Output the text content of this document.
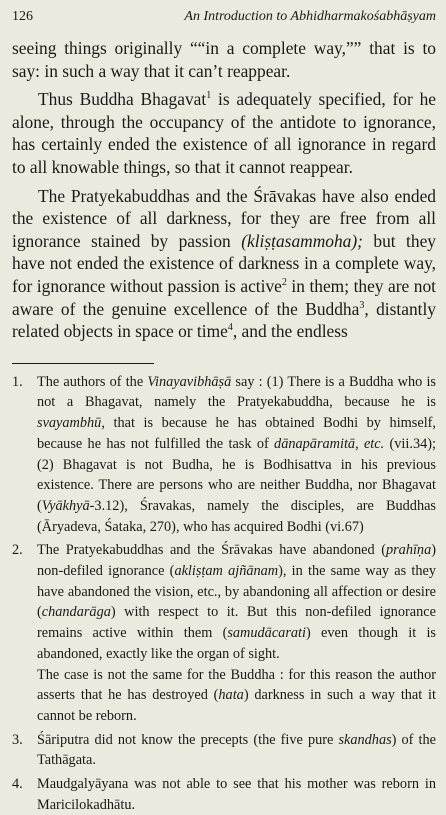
126	An Introduction to Abhidharmakośabhāṣyam

seeing things originally ““in a complete way,”” that is to say: in such a way that it can’t reappear.

Thus Buddha Bhagavat$^1$ is adequately specified, for he alone, through the occupancy of the antidote to ignorance, has certainly ended the existence of all ignorance in regard to all knowable things, so that it cannot reappear.

The Pratyekabuddhas and the Śrāvakas have also ended the existence of all darkness, for they are free from all ignorance stained by passion (kliṣṭasammoha); but they have not ended the existence of darkness in a complete way, for ignorance without passion is active$^2$ in them; they are not aware of the genuine excellence of the Buddha$^3$, distantly related objects in space or time$^4$, and the endless

1. The authors of the Vinayavibhāṣā say : (1) There is a Buddha who is not a Bhagavat, namely the Pratyekabuddha, because he is svayambhū, that is because he has obtained Bodhi by himself, because he has not fulfilled the task of dānapāramitā, etc. (vii.34); (2) Bhagavat is not Budha, he is Bodhisattva in his previous existence. There are persons who are neither Buddha, nor Bhagavat (Vyākhyā-3.12), Śravakas, namely the disciples, are Buddhas (Āryadeva, Śataka, 270), who has acquired Bodhi (vi.67)

2. The Pratyekabuddhas and the Śrāvakas have abandoned (prahīṇa) non-defiled ignorance (akliṣṭam ajñānam), in the same way as they have abandoned the vision, etc., by abandoning all affection or desire (chandarāga) with respect to it. But this non-defiled ignorance remains active within them (samudācarati) even though it is abandoned, exactly like the organ of sight.

The case is not the same for the Buddha : for this reason the author asserts that he has destroyed (hata) darkness in such a way that it cannot be reborn.

3. Śāriputra did not know the precepts (the five pure skandhas) of the Tathāgata.

4. Maudgalyāyana was not able to see that his mother was reborn in Maricilokadhātu.
